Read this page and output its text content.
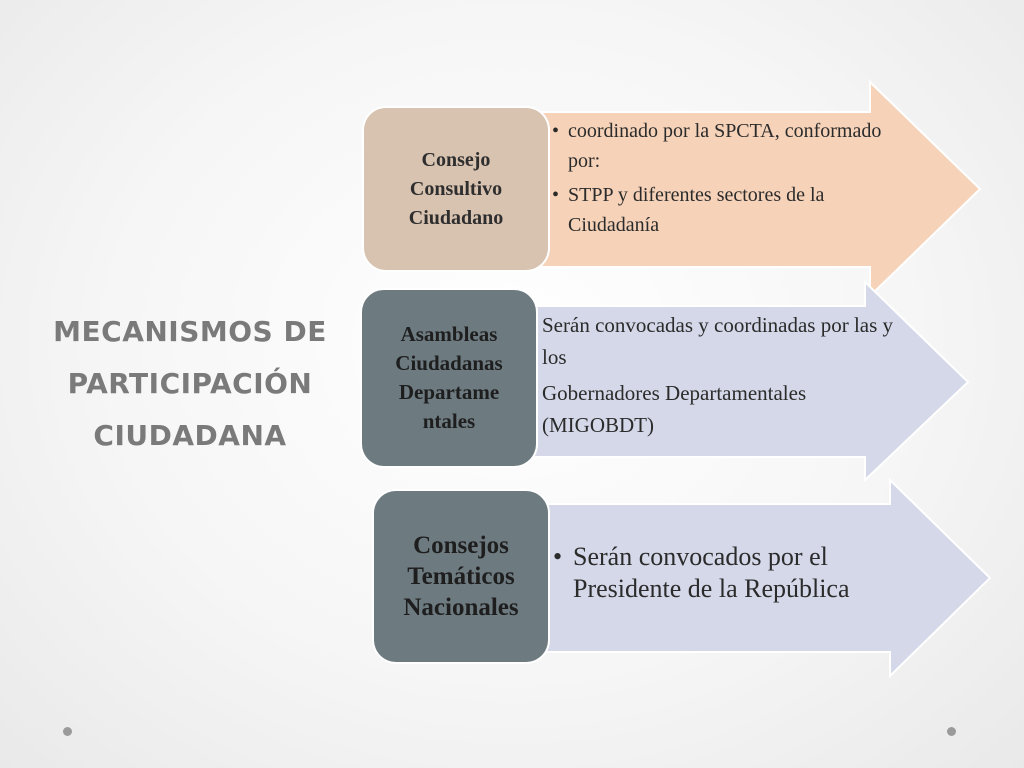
MECANISMOS DE
PARTICIPACIÓN
CIUDADANA
Consejo
Consultivo
Ciudadano
• coordinado por la SPCTA, conformado por:
• STPP y diferentes sectores de la Ciudadanía
Asambleas
Ciudadanas
Departame
ntales

Serán convocadas y coordinadas por las y los

Gobernadores Departamentales (MIGOBDT)

Consejos
Temáticos
Nacionales
• Serán convocados por el Presidente de la República
